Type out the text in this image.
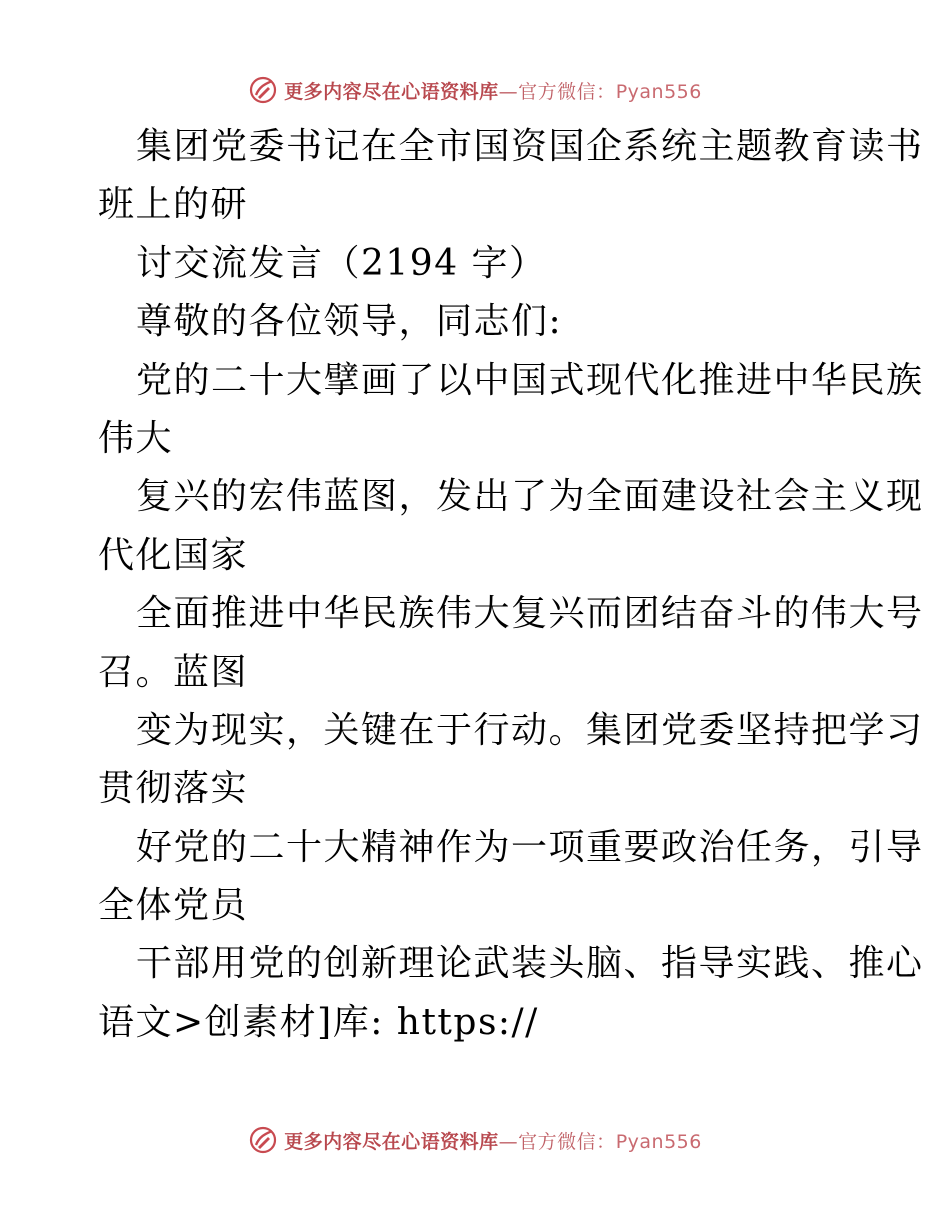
更多内容尽在心语资料库—官方微信：Pyan556
集团党委书记在全市国资国企系统主题教育读书
班上的研
讨交流发言（2194 字）
尊敬的各位领导，同志们:
党的二十大擘画了以中国式现代化推进中华民族
伟大
复兴的宏伟蓝图，发出了为全面建设社会主义现
代化国家
全面推进中华民族伟大复兴而团结奋斗的伟大号
召。蓝图
变为现实，关键在于行动。集团党委坚持把学习
贯彻落实
好党的二十大精神作为一项重要政治任务，引导
全体党员
干部用党的创新理论武装头脑、指导实践、推心
语文>创素材]库: https://
更多内容尽在心语资料库—官方微信：Pyan556
